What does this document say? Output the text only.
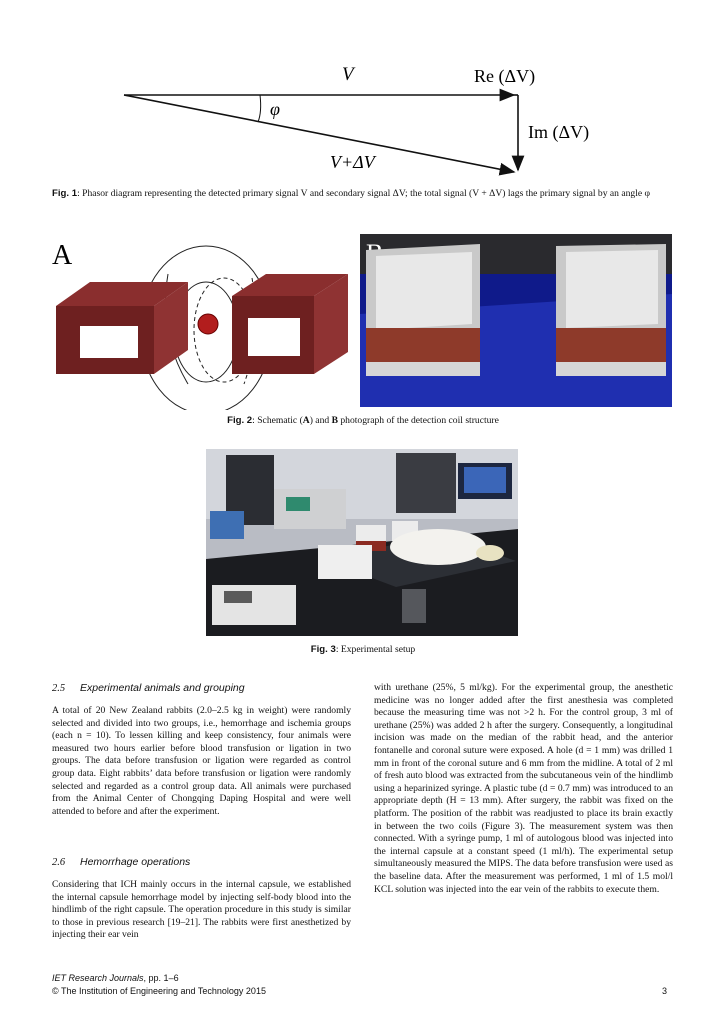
V	Re (ΔV)
Im (ΔV)
φ
V+ΔV
Fig. 1: Phasor diagram representing the detected primary signal V and secondary signal ΔV; the total signal (V + ΔV) lags the primary signal by an angle φ
A
Fig. 2: Schematic (A) and B photograph of the detection coil structure
Fig. 3: Experimental setup
2.5 Experimental animals and grouping

A total of 20 New Zealand rabbits (2.0–2.5 kg in weight) were randomly selected and divided into two groups, i.e., hemorrhage and ischemia groups (each n = 10). To lessen killing and keep consistency, four animals were measured two hours earlier before blood transfusion or ligation in two groups. The data before transfusion or ligation were regarded as control group data. Eight rabbits’ data before transfusion or ligation were randomly selected and regarded as a control group data. All animals were purchased from the Animal Center of Chongqing Daping Hospital and were well attended to before and after the experiment.

2.6 Hemorrhage operations

Considering that ICH mainly occurs in the internal capsule, we established the internal capsule hemorrhage model by injecting self-body blood into the hindlimb of the right capsule. The operation procedure in this study is similar to those in previous research [19–21]. The rabbits were first anesthetized by injecting their ear vein

with urethane (25%, 5 ml/kg). For the experimental group, the anesthetic medicine was no longer added after the first anesthesia was completed because the measuring time was not >2 h. For the control group, 3 ml of urethane (25%) was added 2 h after the surgery. Consequently, a longitudinal incision was made on the median of the rabbit head, and the anterior fontanelle and coronal suture were exposed. A hole (d = 1 mm) was drilled 1 mm in front of the coronal suture and 6 mm from the midline. A total of 2 ml of fresh auto blood was extracted from the subcutaneous vein of the hindlimb using a heparinized syringe. A plastic tube (d = 0.7 mm) was introduced to an appropriate depth (H = 13 mm). After surgery, the rabbit was fixed on the platform. The position of the rabbit was readjusted to place its brain exactly in between the two coils (Figure 3). The measurement system was then connected. With a syringe pump, 1 ml of autologous blood was injected into the internal capsule at a constant speed (1 ml/h). The experimental setup simultaneously measured the MIPS. The data before transfusion were used as the baseline data. After the measurement was performed, 1 ml of 1.5 mol/l KCL solution was injected into the ear vein of the rabbits to execute them.

IET Research Journals, pp. 1–6
© The Institution of Engineering and Technology 2015	3
